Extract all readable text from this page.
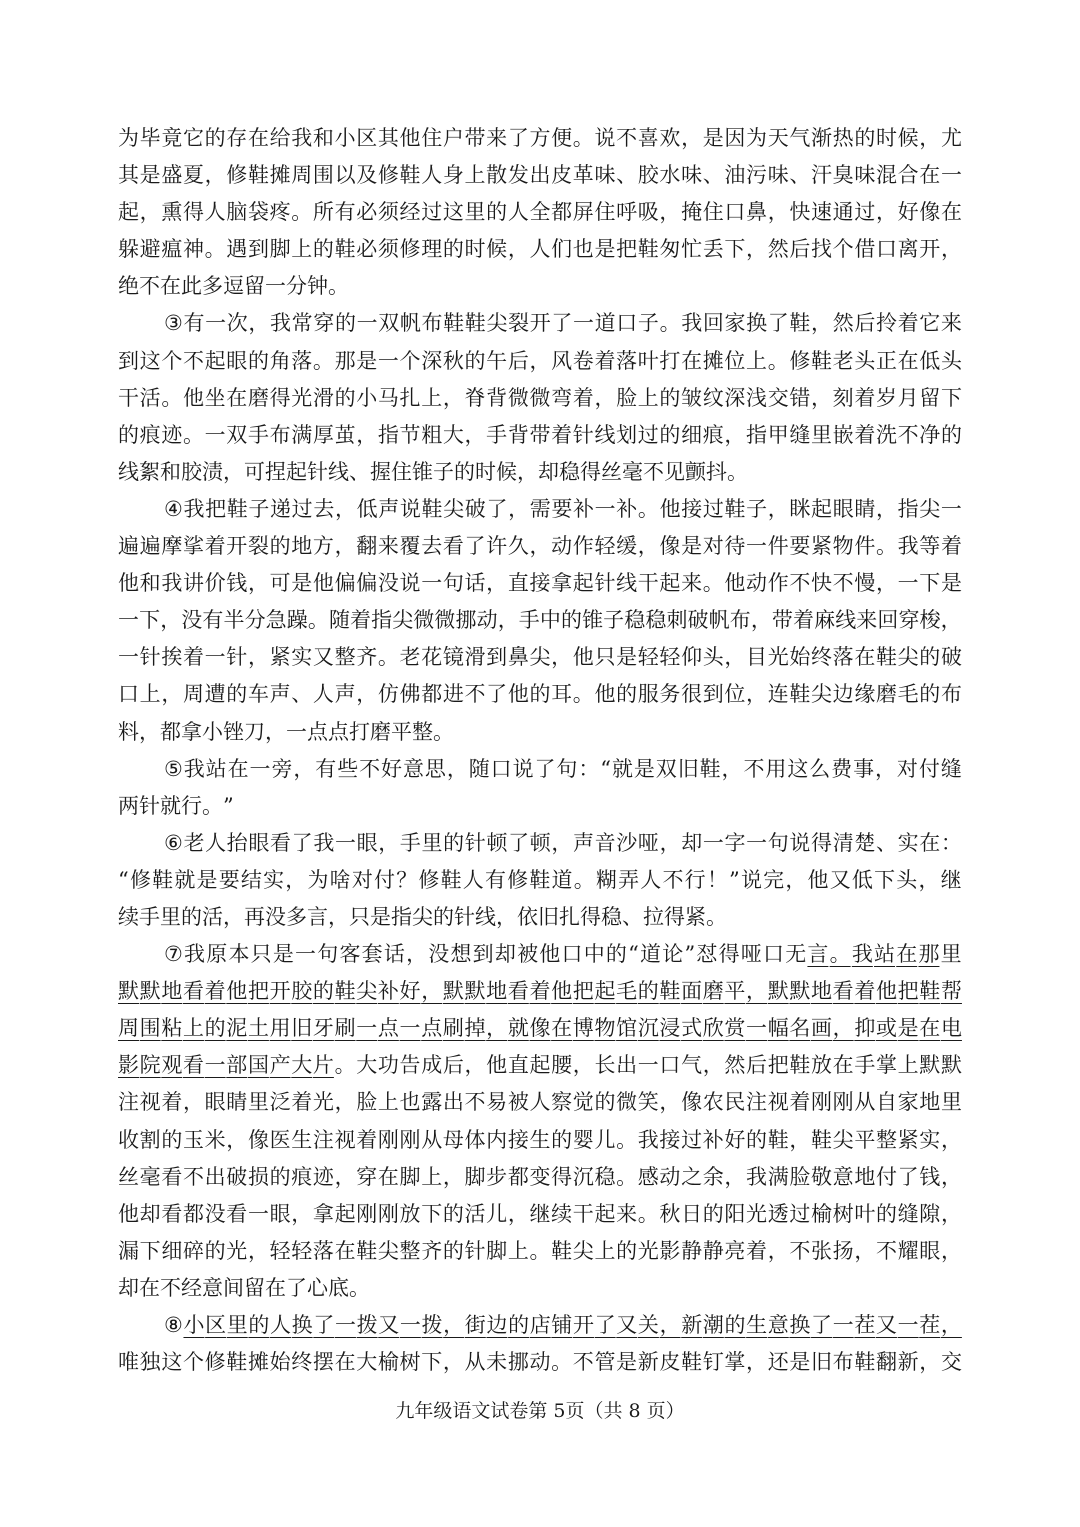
为 毕 竟 它 的 存 在 给 我 和 小 区 其 他 住 户 带 来 了 方 便 。 说 不 喜 欢 ， 是 因 为 天 气 渐 热 的 时 候 ， 尤
其 是 盛 夏 ， 修 鞋 摊 周 围 以 及 修 鞋 人 身 上 散 发 出 皮 革 味 、 胶 水 味 、 油 污 味 、 汗 臭 味 混 合 在 一
起 ， 熏 得 人 脑 袋 疼 。 所 有 必 须 经 过 这 里 的 人 全 都 屏 住 呼 吸 ， 掩 住 口 鼻 ， 快 速 通 过 ， 好 像 在
躲 避 瘟 神 。 遇 到 脚 上 的 鞋 必 须 修 理 的 时 候 ， 人 们 也 是 把 鞋 匆 忙 丢 下 ， 然 后 找 个 借 口 离 开 ，
绝 不 在 此 多 逗 留 一 分 钟 。
③ 有 一 次 ， 我 常 穿 的 一 双 帆 布 鞋 鞋 尖 裂 开 了 一 道 口 子 。 我 回 家 换 了 鞋 ， 然 后 拎 着 它 来
到 这 个 不 起 眼 的 角 落 。 那 是 一 个 深 秋 的 午 后 ， 风 卷 着 落 叶 打 在 摊 位 上 。 修 鞋 老 头 正 在 低 头
干 活 。 他 坐 在 磨 得 光 滑 的 小 马 扎 上 ， 脊 背 微 微 弯 着 ， 脸 上 的 皱 纹 深 浅 交 错 ， 刻 着 岁 月 留 下
的 痕 迹 。 一 双 手 布 满 厚 茧 ， 指 节 粗 大 ， 手 背 带 着 针 线 划 过 的 细 痕 ， 指 甲 缝 里 嵌 着 洗 不 净 的
线 絮 和 胶 渍 ， 可 捏 起 针 线 、 握 住 锥 子 的 时 候 ， 却 稳 得 丝 毫 不 见 颤 抖 。
④ 我 把 鞋 子 递 过 去 ， 低 声 说 鞋 尖 破 了 ， 需 要 补 一 补 。 他 接 过 鞋 子 ， 眯 起 眼 睛 ， 指 尖 一
遍 遍 摩 挲 着 开 裂 的 地 方 ， 翻 来 覆 去 看 了 许 久 ， 动 作 轻 缓 ， 像 是 对 待 一 件 要 紧 物 件 。 我 等 着
他 和 我 讲 价 钱 ， 可 是 他 偏 偏 没 说 一 句 话 ， 直 接 拿 起 针 线 干 起 来 。 他 动 作 不 快 不 慢 ， 一 下 是
一 下 ， 没 有 半 分 急 躁 。 随 着 指 尖 微 微 挪 动 ， 手 中 的 锥 子 稳 稳 刺 破 帆 布 ， 带 着 麻 线 来 回 穿 梭 ，
一 针 挨 着 一 针 ， 紧 实 又 整 齐 。 老 花 镜 滑 到 鼻 尖 ， 他 只 是 轻 轻 仰 头 ， 目 光 始 终 落 在 鞋 尖 的 破
口 上 ， 周 遭 的 车 声 、 人 声 ， 仿 佛 都 进 不 了 他 的 耳 。 他 的 服 务 很 到 位 ， 连 鞋 尖 边 缘 磨 毛 的 布
料 ， 都 拿 小 锉 刀 ， 一 点 点 打 磨 平 整 。
⑤ 我 站 在 一 旁 ， 有 些 不 好 意 思 ， 随 口 说 了 句 ： “ 就 是 双 旧 鞋 ， 不 用 这 么 费 事 ， 对 付 缝
两 针 就 行 。 ”
⑥ 老 人 抬 眼 看 了 我 一 眼 ， 手 里 的 针 顿 了 顿 ， 声 音 沙 哑 ， 却 一 字 一 句 说 得 清 楚 、 实 在 ：
“ 修 鞋 就 是 要 结 实 ， 为 啥 对 付 ？ 修 鞋 人 有 修 鞋 道 。 糊 弄 人 不 行 ！ ” 说 完 ， 他 又 低 下 头 ， 继
续 手 里 的 活 ， 再 没 多 言 ， 只 是 指 尖 的 针 线 ， 依 旧 扎 得 稳 、 拉 得 紧 。
⑦ 我 原 本 只 是 一 句 客 套 话 ， 没 想 到 却 被 他 口 中 的 “ 道 论 ” 怼 得 哑 口 无 言 。 我 站 在 那 里
默 默 地 看 着 他 把 开 胶 的 鞋 尖 补 好 ， 默 默 地 看 着 他 把 起 毛 的 鞋 面 磨 平 ， 默 默 地 看 着 他 把 鞋 帮
周 围 粘 上 的 泥 土 用 旧 牙 刷 一 点 一 点 刷 掉 ， 就 像 在 博 物 馆 沉 浸 式 欣 赏 一 幅 名 画 ， 抑 或 是 在 电
影 院 观 看 一 部 国 产 大 片 。 大 功 告 成 后 ， 他 直 起 腰 ， 长 出 一 口 气 ， 然 后 把 鞋 放 在 手 掌 上 默 默
注 视 着 ， 眼 睛 里 泛 着 光 ， 脸 上 也 露 出 不 易 被 人 察 觉 的 微 笑 ， 像 农 民 注 视 着 刚 刚 从 自 家 地 里
收 割 的 玉 米 ， 像 医 生 注 视 着 刚 刚 从 母 体 内 接 生 的 婴 儿 。 我 接 过 补 好 的 鞋 ， 鞋 尖 平 整 紧 实 ，
丝 毫 看 不 出 破 损 的 痕 迹 ， 穿 在 脚 上 ， 脚 步 都 变 得 沉 稳 。 感 动 之 余 ， 我 满 脸 敬 意 地 付 了 钱 ，
他 却 看 都 没 看 一 眼 ， 拿 起 刚 刚 放 下 的 活 儿 ， 继 续 干 起 来 。 秋 日 的 阳 光 透 过 榆 树 叶 的 缝 隙 ，
漏 下 细 碎 的 光 ， 轻 轻 落 在 鞋 尖 整 齐 的 针 脚 上 。 鞋 尖 上 的 光 影 静 静 亮 着 ， 不 张 扬 ， 不 耀 眼 ，
却 在 不 经 意 间 留 在 了 心 底 。
⑧ 小 区 里 的 人 换 了 一 拨 又 一 拨 ， 街 边 的 店 铺 开 了 又 关 ， 新 潮 的 生 意 换 了 一 茬 又 一 茬 ，
唯 独 这 个 修 鞋 摊 始 终 摆 在 大 榆 树 下 ， 从 未 挪 动 。 不 管 是 新 皮 鞋 钉 掌 ， 还 是 旧 布 鞋 翻 新 ， 交
九年级语文试卷第 5页（共 8 页）
